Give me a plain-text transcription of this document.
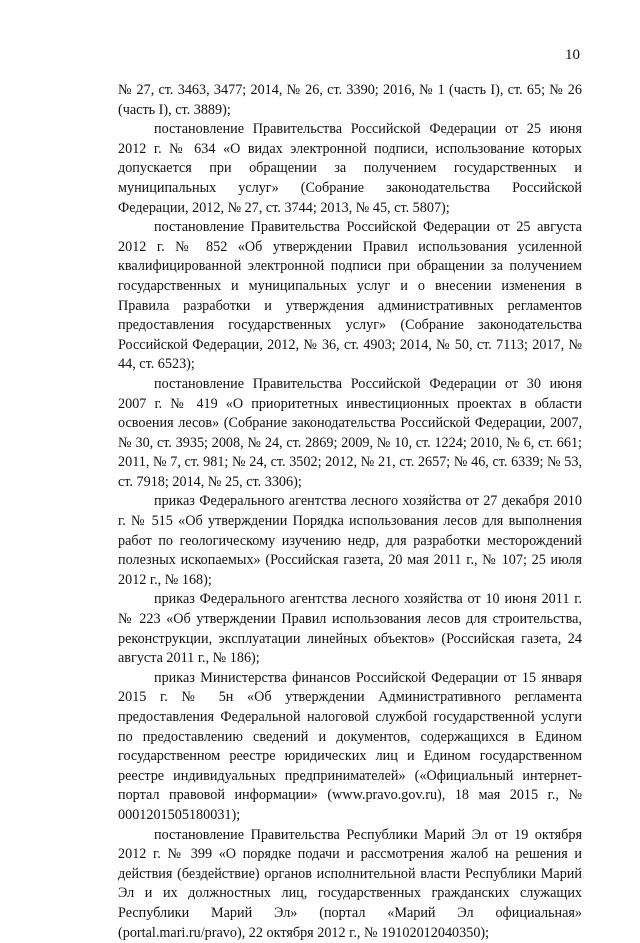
10

№ 27, ст. 3463, 3477; 2014, № 26, ст. 3390; 2016, № 1 (часть I), ст. 65; № 26 (часть I), ст. 3889);

постановление Правительства Российской Федерации от 25 июня 2012 г. № 634 «О видах электронной подписи, использование которых допускается при обращении за получением государственных и муниципальных услуг» (Собрание законодательства Российской Федерации, 2012, № 27, ст. 3744; 2013, № 45, ст. 5807);

постановление Правительства Российской Федерации от 25 августа 2012 г. № 852 «Об утверждении Правил использования усиленной квалифицированной электронной подписи при обращении за получением государственных и муниципальных услуг и о внесении изменения в Правила разработки и утверждения административных регламентов предоставления государственных услуг» (Собрание законодательства Российской Федерации, 2012, № 36, ст. 4903; 2014, № 50, ст. 7113; 2017, № 44, ст. 6523);

постановление Правительства Российской Федерации от 30 июня 2007 г. № 419 «О приоритетных инвестиционных проектах в области освоения лесов» (Собрание законодательства Российской Федерации, 2007, № 30, ст. 3935; 2008, № 24, ст. 2869; 2009, № 10, ст. 1224; 2010, № 6, ст. 661; 2011, № 7, ст. 981; № 24, ст. 3502; 2012, № 21, ст. 2657; № 46, ст. 6339; № 53, ст. 7918; 2014, № 25, ст. 3306);

приказ Федерального агентства лесного хозяйства от 27 декабря 2010 г. № 515 «Об утверждении Порядка использования лесов для выполнения работ по геологическому изучению недр, для разработки месторождений полезных ископаемых» (Российская газета, 20 мая 2011 г., № 107; 25 июля 2012 г., № 168);

приказ Федерального агентства лесного хозяйства от 10 июня 2011 г. № 223 «Об утверждении Правил использования лесов для строительства, реконструкции, эксплуатации линейных объектов» (Российская газета, 24 августа 2011 г., № 186);

приказ Министерства финансов Российской Федерации от 15 января 2015 г. № 5н «Об утверждении Административного регламента предоставления Федеральной налоговой службой государственной услуги по предоставлению сведений и документов, содержащихся в Едином государственном реестре юридических лиц и Едином государственном реестре индивидуальных предпринимателей» («Официальный интернет-портал правовой информации» (www.pravo.gov.ru), 18 мая 2015 г., № 0001201505180031);

постановление Правительства Республики Марий Эл от 19 октября 2012 г. № 399 «О порядке подачи и рассмотрения жалоб на решения и действия (бездействие) органов исполнительной власти Республики Марий Эл и их должностных лиц, государственных гражданских служащих Республики Марий Эл» (портал «Марий Эл официальная» (portal.mari.ru/pravo), 22 октября 2012 г., № 19102012040350);
